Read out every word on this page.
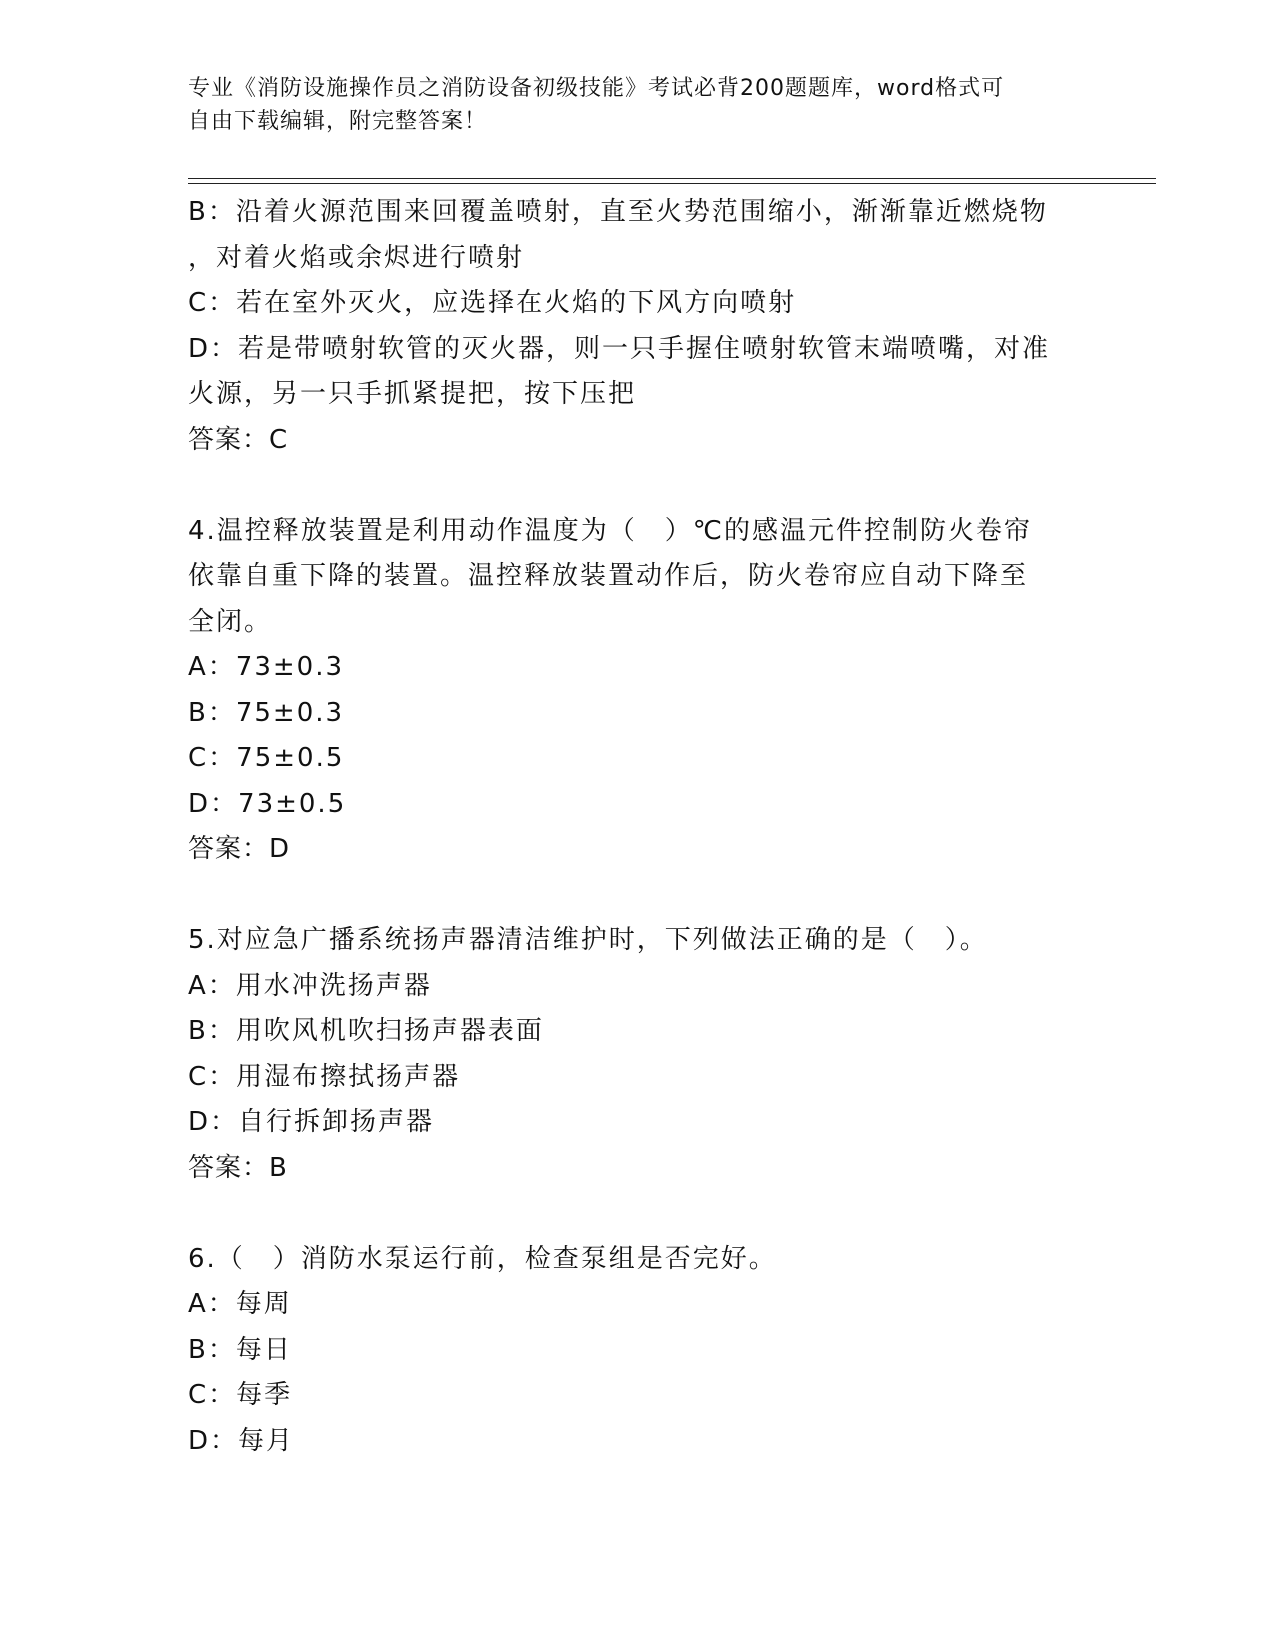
专业《消防设施操作员之消防设备初级技能》考试必背200题题库，word格式可
自由下载编辑，附完整答案！
B：沿着火源范围来回覆盖喷射，直至火势范围缩小，渐渐靠近燃烧物
，对着火焰或余烬进行喷射
C：若在室外灭火，应选择在火焰的下风方向喷射
D：若是带喷射软管的灭火器，则一只手握住喷射软管末端喷嘴，对准
火源，另一只手抓紧提把，按下压把
答案：C
4.温控释放装置是利用动作温度为（　）℃的感温元件控制防火卷帘
依靠自重下降的装置。温控释放装置动作后，防火卷帘应自动下降至
全闭。
A：73±0.3
B：75±0.3
C：75±0.5
D：73±0.5
答案：D
5.对应急广播系统扬声器清洁维护时，下列做法正确的是（　）。
A：用水冲洗扬声器
B：用吹风机吹扫扬声器表面
C：用湿布擦拭扬声器
D：自行拆卸扬声器
答案：B
6.（　）消防水泵运行前，检查泵组是否完好。
A：每周
B：每日
C：每季
D：每月
